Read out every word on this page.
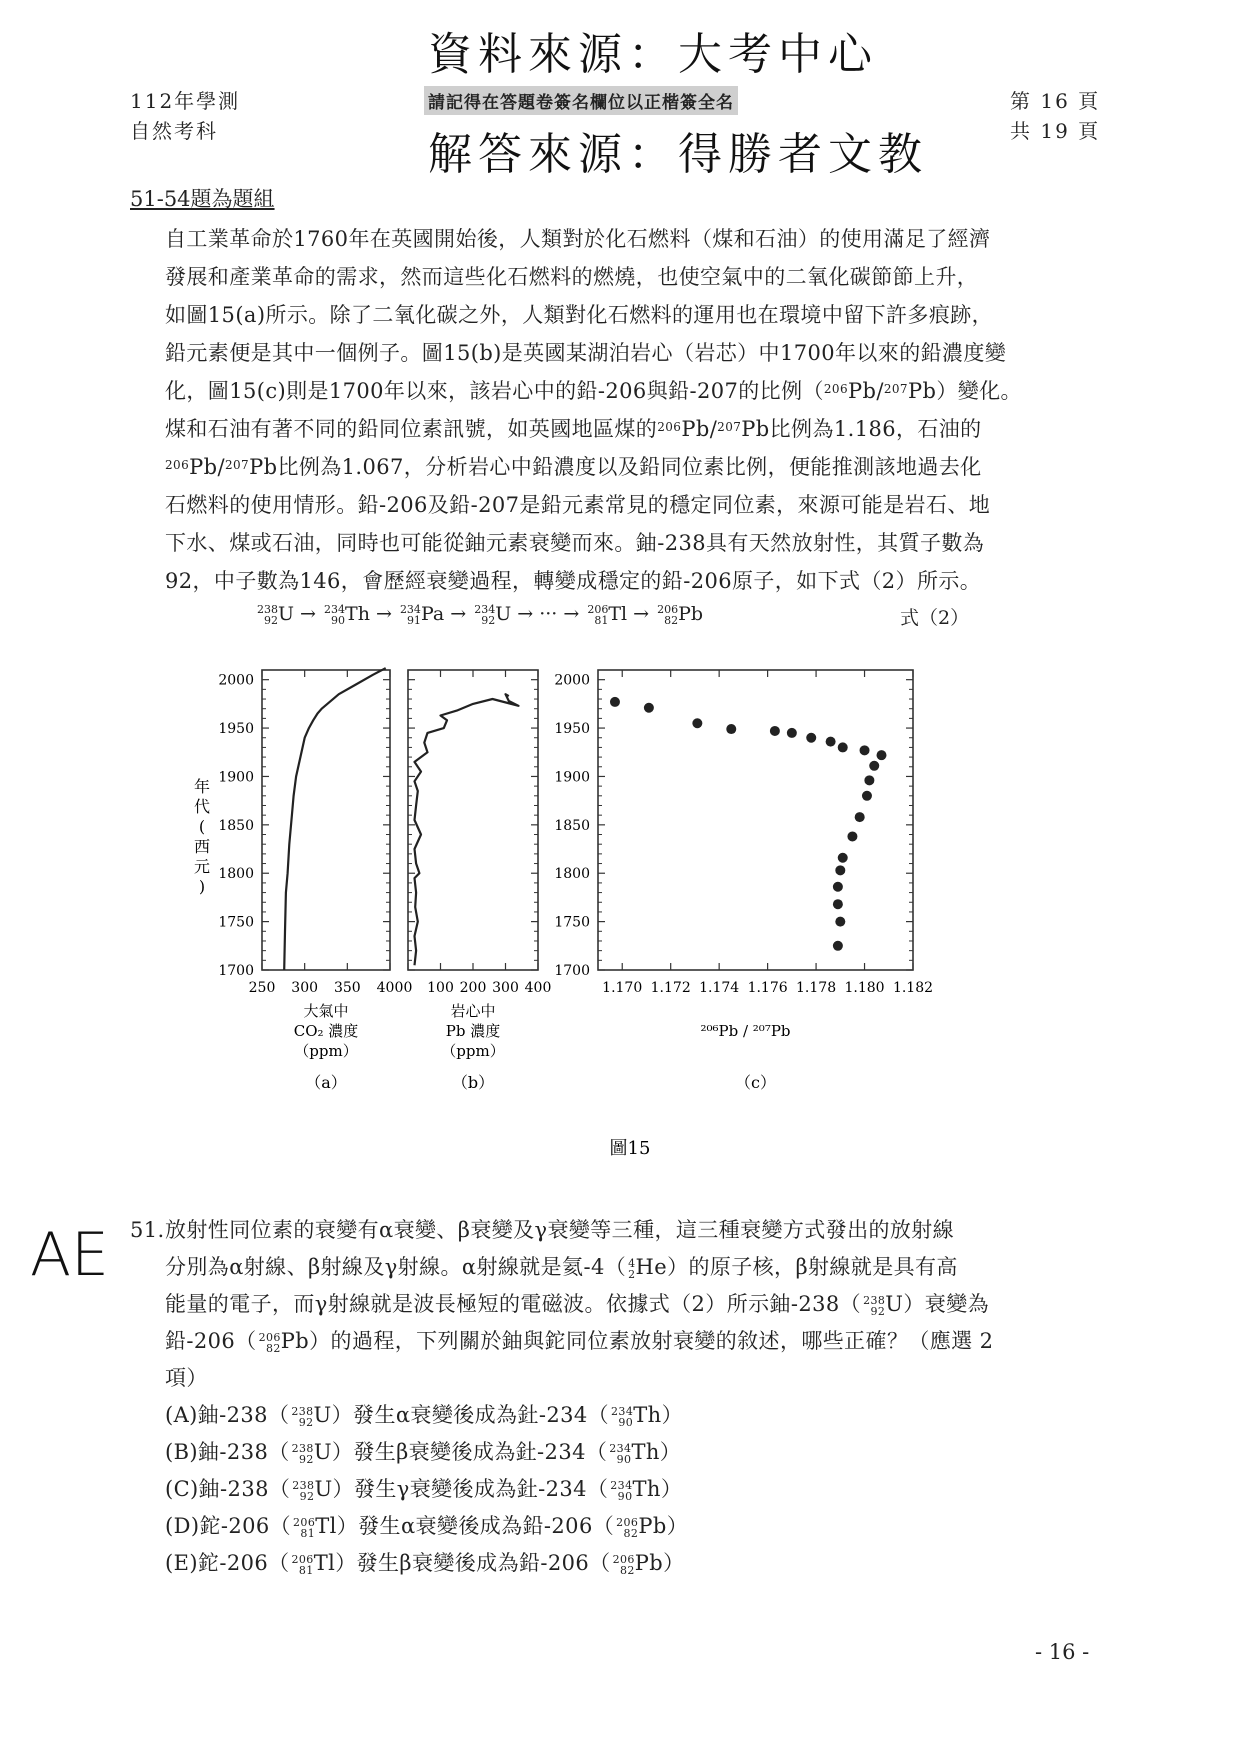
112年學測
自然考科
資料來源：大考中心
請記得在答題卷簽名欄位以正楷簽全名
解答來源：得勝者文教
第 16 頁
共 19 頁
51-54題為題組
自工業革命於1760年在英國開始後，人類對於化石燃料（煤和石油）的使用滿足了經濟
發展和產業革命的需求，然而這些化石燃料的燃燒，也使空氣中的二氧化碳節節上升，
如圖15(a)所示。除了二氧化碳之外，人類對化石燃料的運用也在環境中留下許多痕跡，
鉛元素便是其中一個例子。圖15(b)是英國某湖泊岩心（岩芯）中1700年以來的鉛濃度變
化，圖15(c)則是1700年以來，該岩心中的鉛-206與鉛-207的比例（$^{206}$Pb/$^{207}$Pb）變化。
煤和石油有著不同的鉛同位素訊號，如英國地區煤的$^{206}$Pb/$^{207}$Pb比例為1.186，石油的
$^{206}$Pb/$^{207}$Pb比例為1.067，分析岩心中鉛濃度以及鉛同位素比例，便能推測該地過去化
石燃料的使用情形。鉛-206及鉛-207是鉛元素常見的穩定同位素，來源可能是岩石、地
下水、煤或石油，同時也可能從鈾元素衰變而來。鈾-238具有天然放射性，其質子數為
92，中子數為146，會歷經衰變過程，轉變成穩定的鉛-206原子，如下式（2）所示。
238
92 U → 234
90 Th → 234
91 Pa → 234
92 U → ··· → 206
81 Tl → 206
82 Pb	式（2）
2000
1950
1900
1850
1800
1750
1700
250 300 350 400
大氣中
CO₂ 濃度
（ppm）
（a）
0 100 200 300 400
岩心中
Pb 濃度
（ppm）
（b）
2000
1950
1900
1850
1800
1750
1700
1.170 1.172 1.174 1.176 1.178 1.180 1.182
²⁰⁶Pb / ²⁰⁷Pb
（c）
年
代
(
西
元
)
圖15
AE 51. 放射性同位素的衰變有α衰變、β衰變及γ衰變等三種，這三種衰變方式發出的放射線
分別為α射線、β射線及γ射線。α射線就是氦-4（ 4
2 He）的原子核，β射線就是具有高
能量的電子，而γ射線就是波長極短的電磁波。依據式（2）所示鈾-238（ 238
92 U）衰變為
鉛-206（ 206
82 Pb）的過程，下列關於鈾與鉈同位素放射衰變的敘述，哪些正確？（應選 2
項）
(A)鈾-238（ 238
92 U）發生α衰變後成為釷-234（ 234
90 Th）
(B)鈾-238（ 238
92 U）發生β衰變後成為釷-234（ 234
90 Th）
(C)鈾-238（ 238
92 U）發生γ衰變後成為釷-234（ 234
90 Th）
(D)鉈-206（ 206
81 Tl）發生α衰變後成為鉛-206（ 206
82 Pb）
(E)鉈-206（ 206
81 Tl）發生β衰變後成為鉛-206（ 206
82 Pb）
- 16 -
